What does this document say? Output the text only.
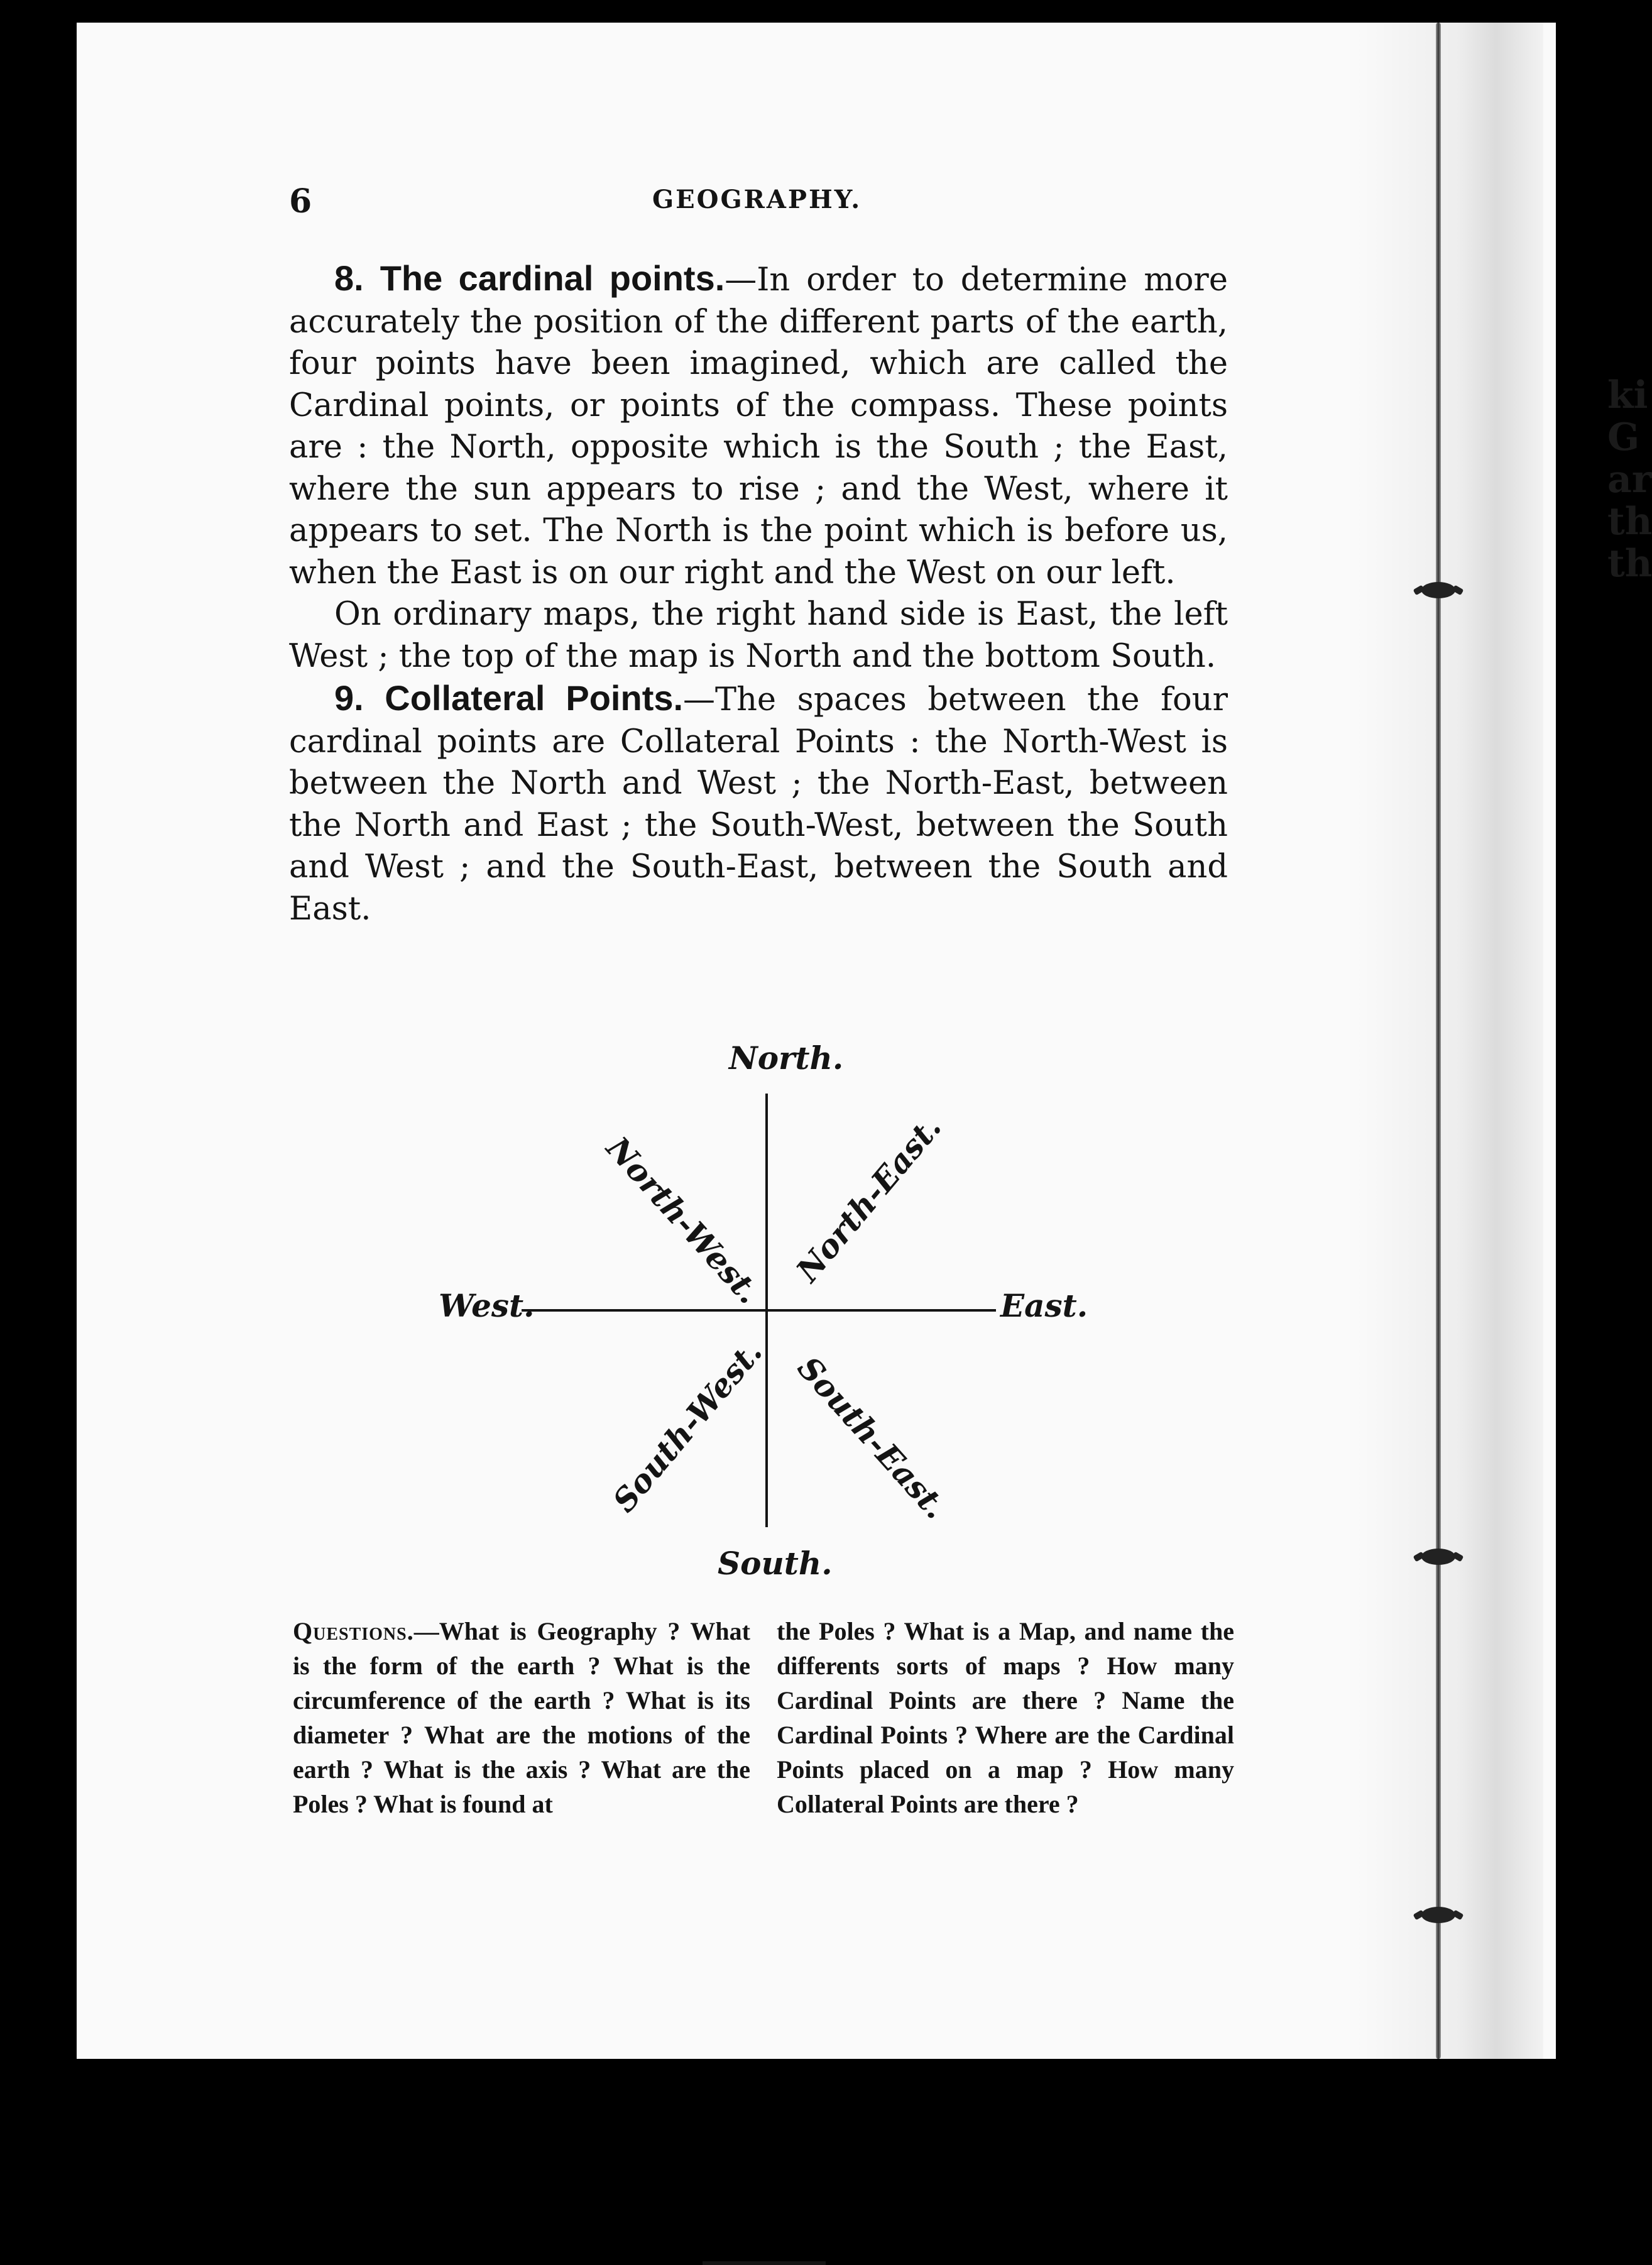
ki
G
ar
th
th
6	GEOGRAPHY.

8. The cardinal points.—In order to determine more accurately the position of the different parts of the earth, four points have been imagined, which are called the Cardinal points, or points of the compass. These points are : the North, opposite which is the South ; the East, where the sun appears to rise ; and the West, where it appears to set. The North is the point which is before us, when the East is on our right and the West on our left.

On ordinary maps, the right hand side is East, the left West ; the top of the map is North and the bottom South.

9. Collateral Points.—The spaces between the four cardinal points are Collateral Points : the North-West is between the North and West ; the North-East, between the North and East ; the South-West, between the South and West ; and the South-East, between the South and East.

North.
South.
West.	East.
North-West. North-East.
South-West. South-East.
Questions.—What is Geography ? What is the form of the earth ? What is the circumference of the earth ? What is its diameter ? What are the motions of the earth ? What is the axis ? What are the Poles ? What is found at
the Poles ? What is a Map, and name the differents sorts of maps ? How many Cardinal Points are there ? Name the Cardinal Points ? Where are the Cardinal Points placed on a map ? How many Collateral Points are there ?
